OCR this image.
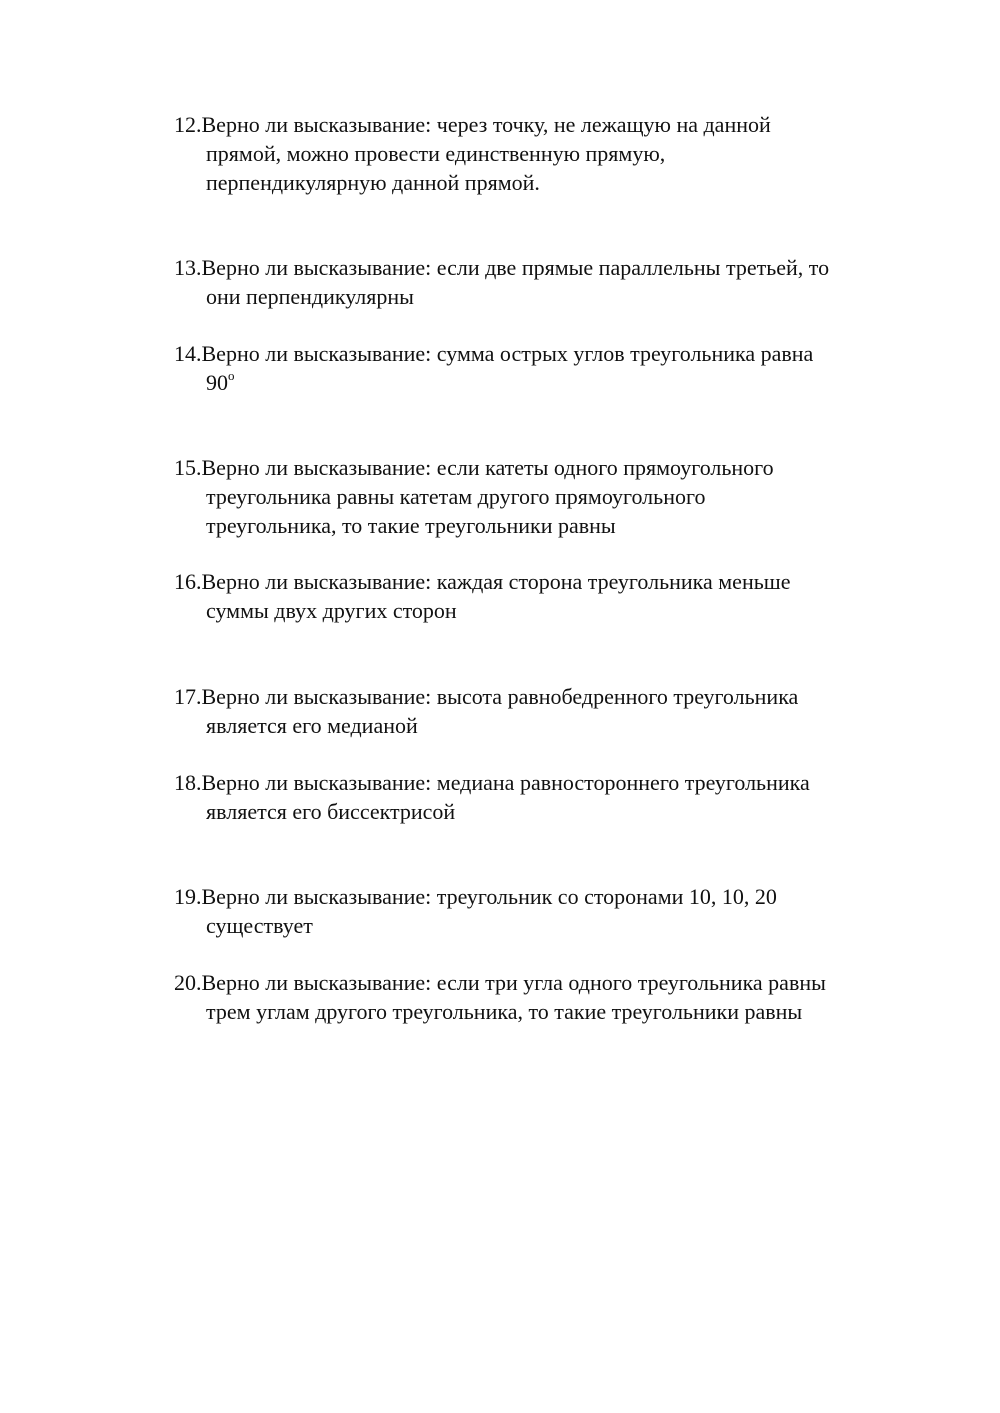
12.Верно ли высказывание: через точку, не лежащую на данной
прямой, можно провести единственную прямую,
перпендикулярную данной прямой.
13.Верно ли высказывание: если две прямые параллельны третьей, то
они перпендикулярны
14.Верно ли высказывание: сумма острых углов треугольника равна
90$^o$
15.Верно ли высказывание: если катеты одного прямоугольного
треугольника равны катетам другого прямоугольного
треугольника, то такие треугольники равны
16.Верно ли высказывание: каждая сторона треугольника меньше
суммы двух других сторон
17.Верно ли высказывание: высота равнобедренного треугольника
является его медианой
18.Верно ли высказывание: медиана равностороннего треугольника
является его биссектрисой
19.Верно ли высказывание: треугольник со сторонами 10, 10, 20
существует
20.Верно ли высказывание: если три угла одного треугольника равны
трем углам другого треугольника, то такие треугольники равны
